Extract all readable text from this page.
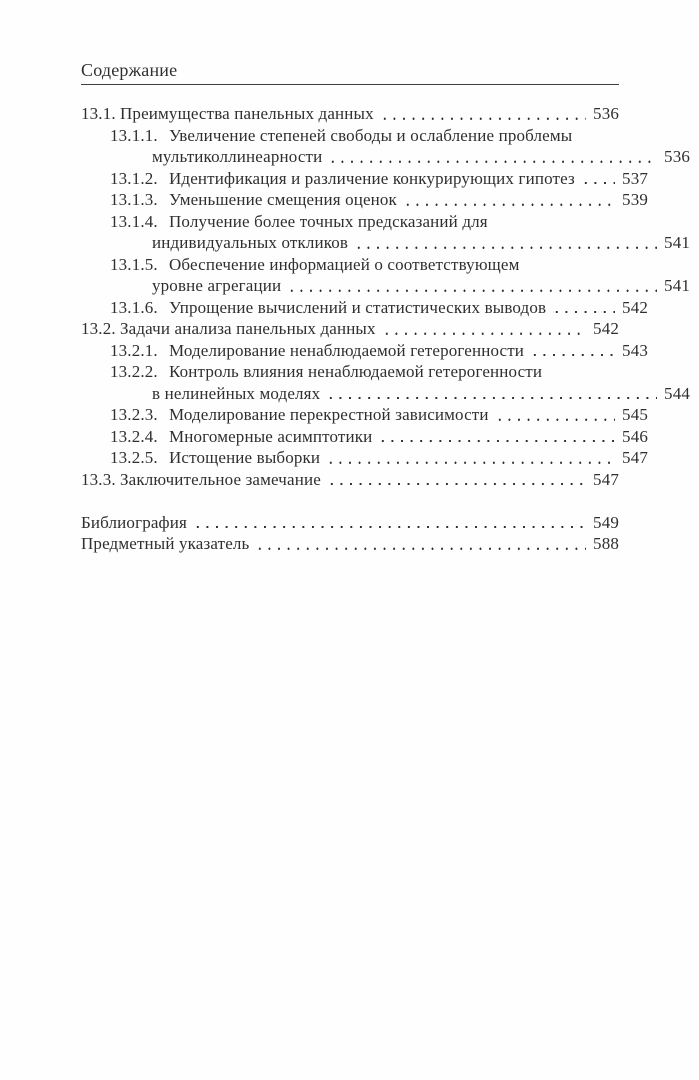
Содержание
13.1. Преимущества панельных данных	536
13.1.1. Увеличение степеней свободы и ослабление проблемы
мультиколлинеарности	536
13.1.2. Идентификация и различение конкурирующих гипотез	537
13.1.3. Уменьшение смещения оценок	539
13.1.4. Получение более точных предсказаний для
индивидуальных откликов	541
13.1.5. Обеспечение информацией о соответствующем
уровне агрегации	541
13.1.6. Упрощение вычислений и статистических выводов	542
13.2. Задачи анализа панельных данных	542
13.2.1. Моделирование ненаблюдаемой гетерогенности	543
13.2.2. Контроль влияния ненаблюдаемой гетерогенности
в нелинейных моделях	544
13.2.3. Моделирование перекрестной зависимости	545
13.2.4. Многомерные асимптотики	546
13.2.5. Истощение выборки	547
13.3. Заключительное замечание	547
Библиография	549
Предметный указатель	588
